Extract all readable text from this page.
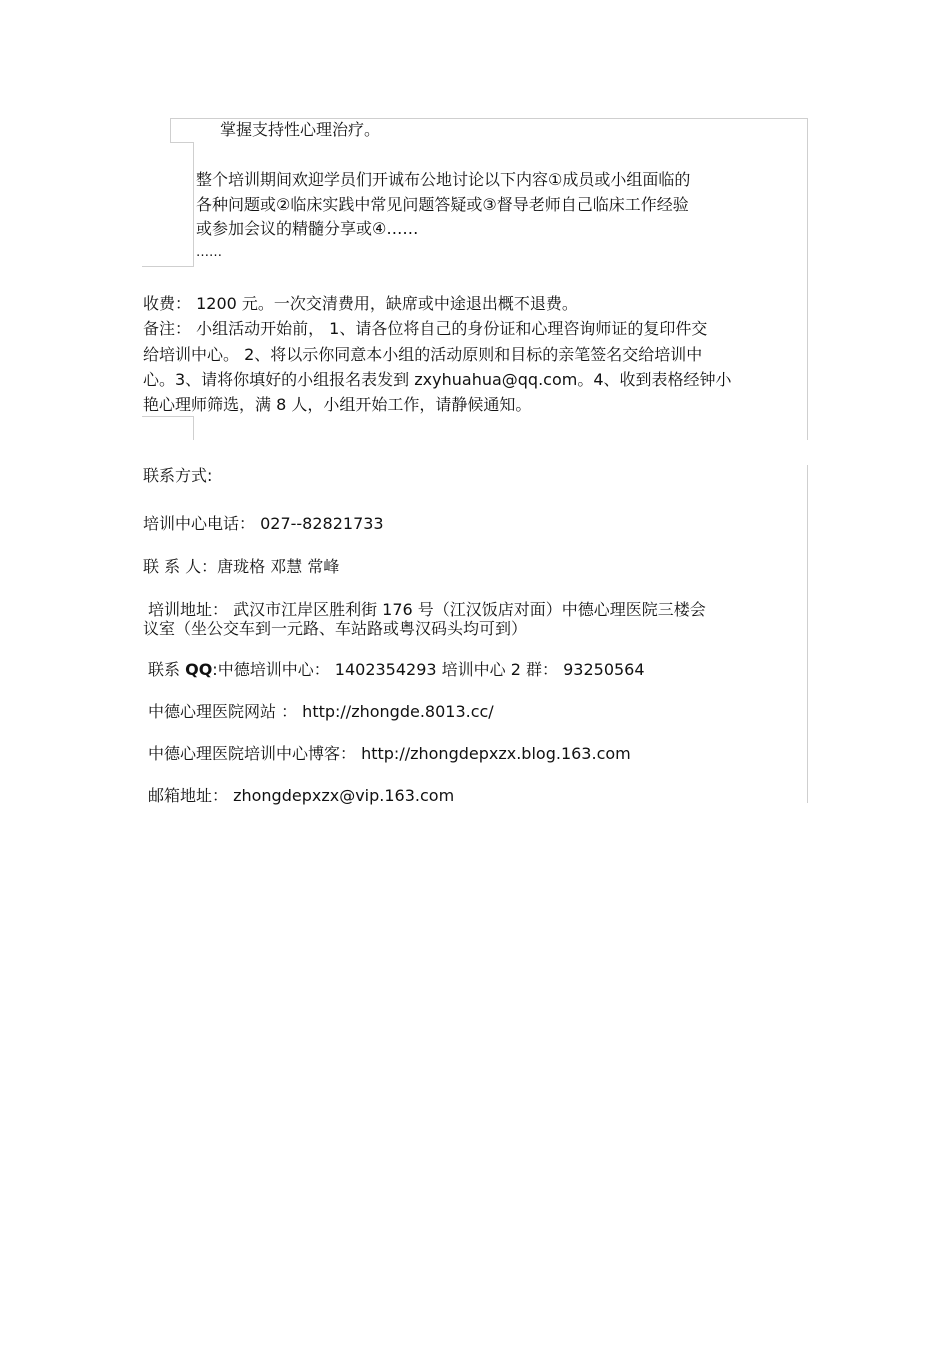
掌握支持性心理治疗。
整个培训期间欢迎学员们开诚布公地讨论以下内容①成员或小组面临的
各种问题或②临床实践中常见问题答疑或③督导老师自己临床工作经验
或参加会议的精髓分享或④……
……
收费： 1200 元。一次交清费用，缺席或中途退出概不退费。
备注： 小组活动开始前， 1、请各位将自己的身份证和心理咨询师证的复印件交
给培训中心。 2、将以示你同意本小组的活动原则和目标的亲笔签名交给培训中
心。3、请将你填好的小组报名表发到 zxyhuahua@qq.com。4、收到表格经钟小
艳心理师筛选，满 8 人，小组开始工作，请静候通知。
联系方式:
培训中心电话： 027--82821733
联 系 人：唐珑格 邓慧 常峰
培训地址： 武汉市江岸区胜利街 176 号（江汉饭店对面）中德心理医院三楼会
议室（坐公交车到一元路、车站路或粤汉码头均可到）
联系 QQ:中德培训中心： 1402354293 培训中心 2 群： 93250564
中德心理医院网站 ： http://zhongde.8013.cc/
中德心理医院培训中心博客： http://zhongdepxzx.blog.163.com
邮箱地址： zhongdepxzx@vip.163.com
